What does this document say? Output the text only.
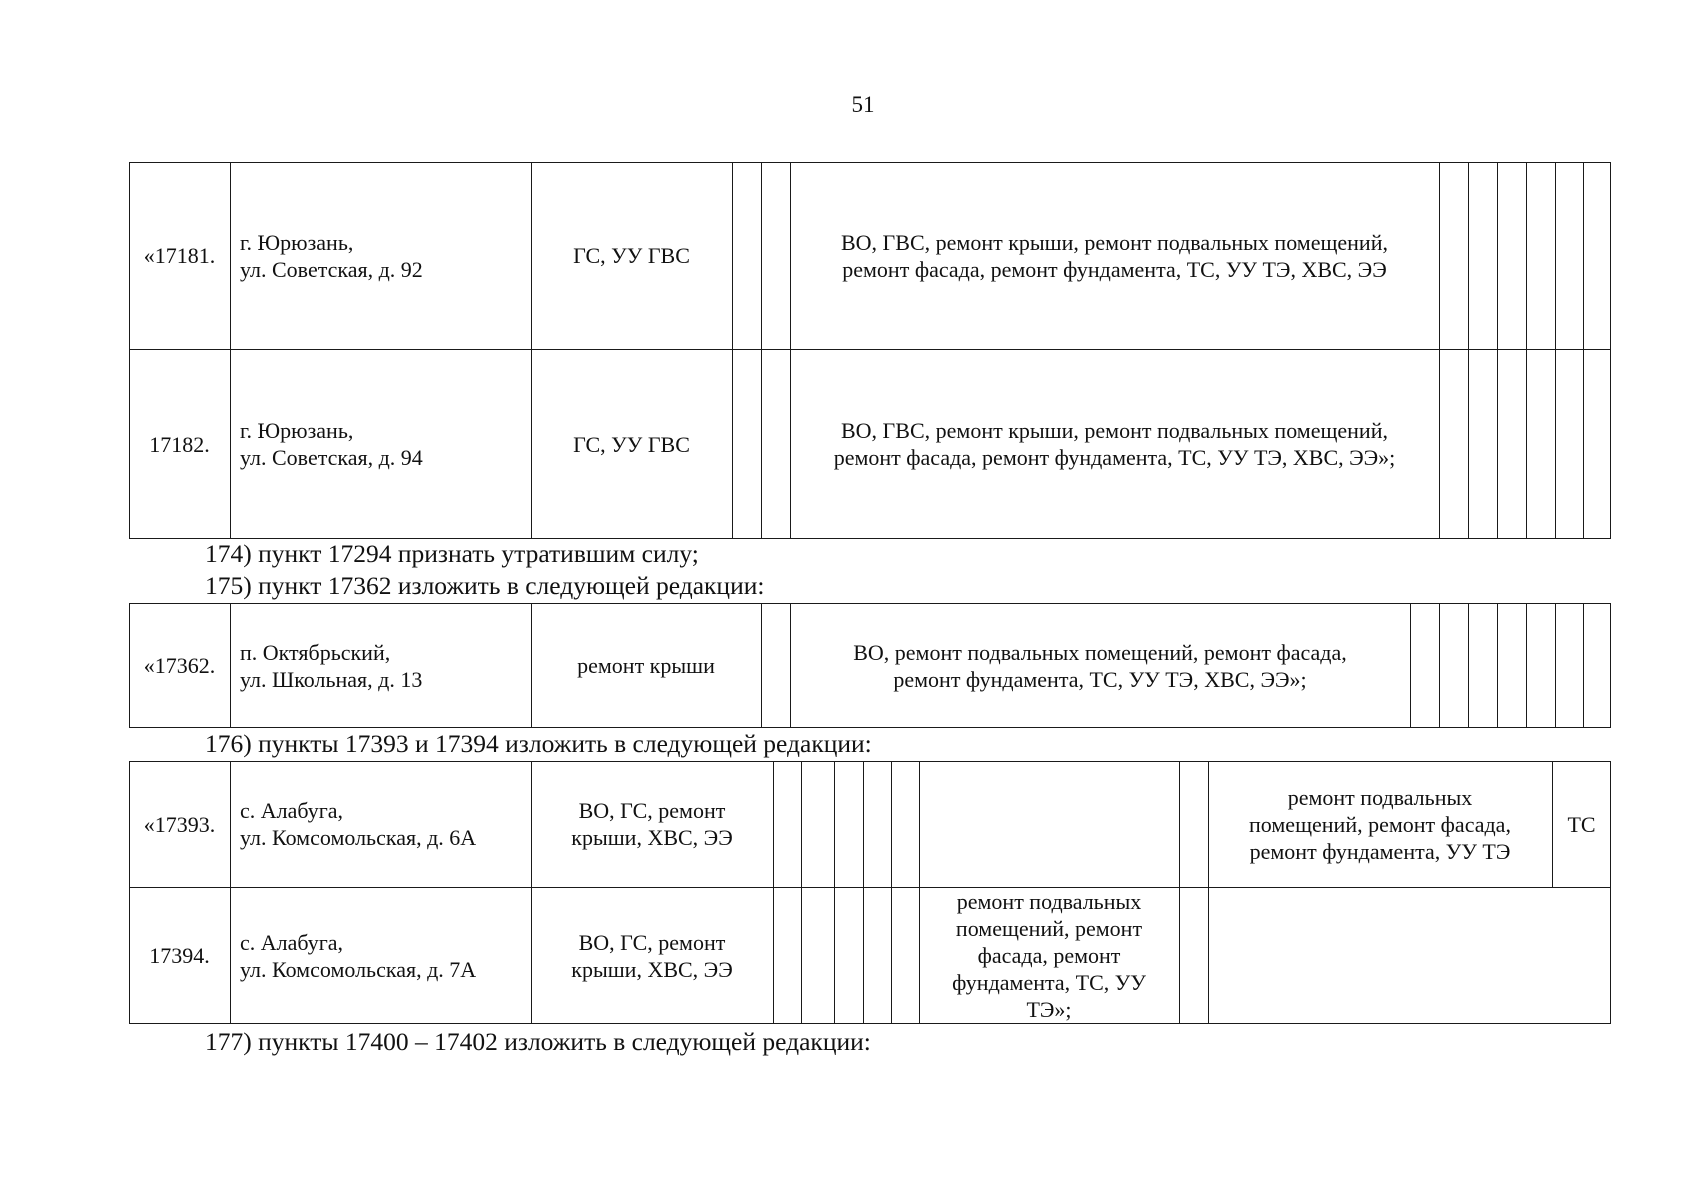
51
«17181.
г. Юрюзань,
ул. Советская, д. 92
ГС, УУ ГВС
ВО, ГВС, ремонт крыши, ремонт подвальных помещений,
ремонт фасада, ремонт фундамента, ТС, УУ ТЭ, ХВС, ЭЭ
17182.
г. Юрюзань,
ул. Советская, д. 94
ГС, УУ ГВС
ВО, ГВС, ремонт крыши, ремонт подвальных помещений,
ремонт фасада, ремонт фундамента, ТС, УУ ТЭ, ХВС, ЭЭ»;
174) пункт 17294 признать утратившим силу;
175) пункт 17362 изложить в следующей редакции:
«17362.
п. Октябрьский,
ул. Школьная, д. 13
ремонт крыши
ВО, ремонт подвальных помещений, ремонт фасада,
ремонт фундамента, ТС, УУ ТЭ, ХВС, ЭЭ»;
176) пункты 17393 и 17394 изложить в следующей редакции:
«17393.
с. Алабуга,
ул. Комсомольская, д. 6А
ВО, ГС, ремонт
крыши, ХВС, ЭЭ
ремонт подвальных
помещений, ремонт фасада,
ремонт фундамента, УУ ТЭ
ТС
17394.
с. Алабуга,
ул. Комсомольская, д. 7А
ВО, ГС, ремонт
крыши, ХВС, ЭЭ
ремонт подвальных
помещений, ремонт
фасада, ремонт
фундамента, ТС, УУ
ТЭ»;
177) пункты 17400 – 17402 изложить в следующей редакции:
